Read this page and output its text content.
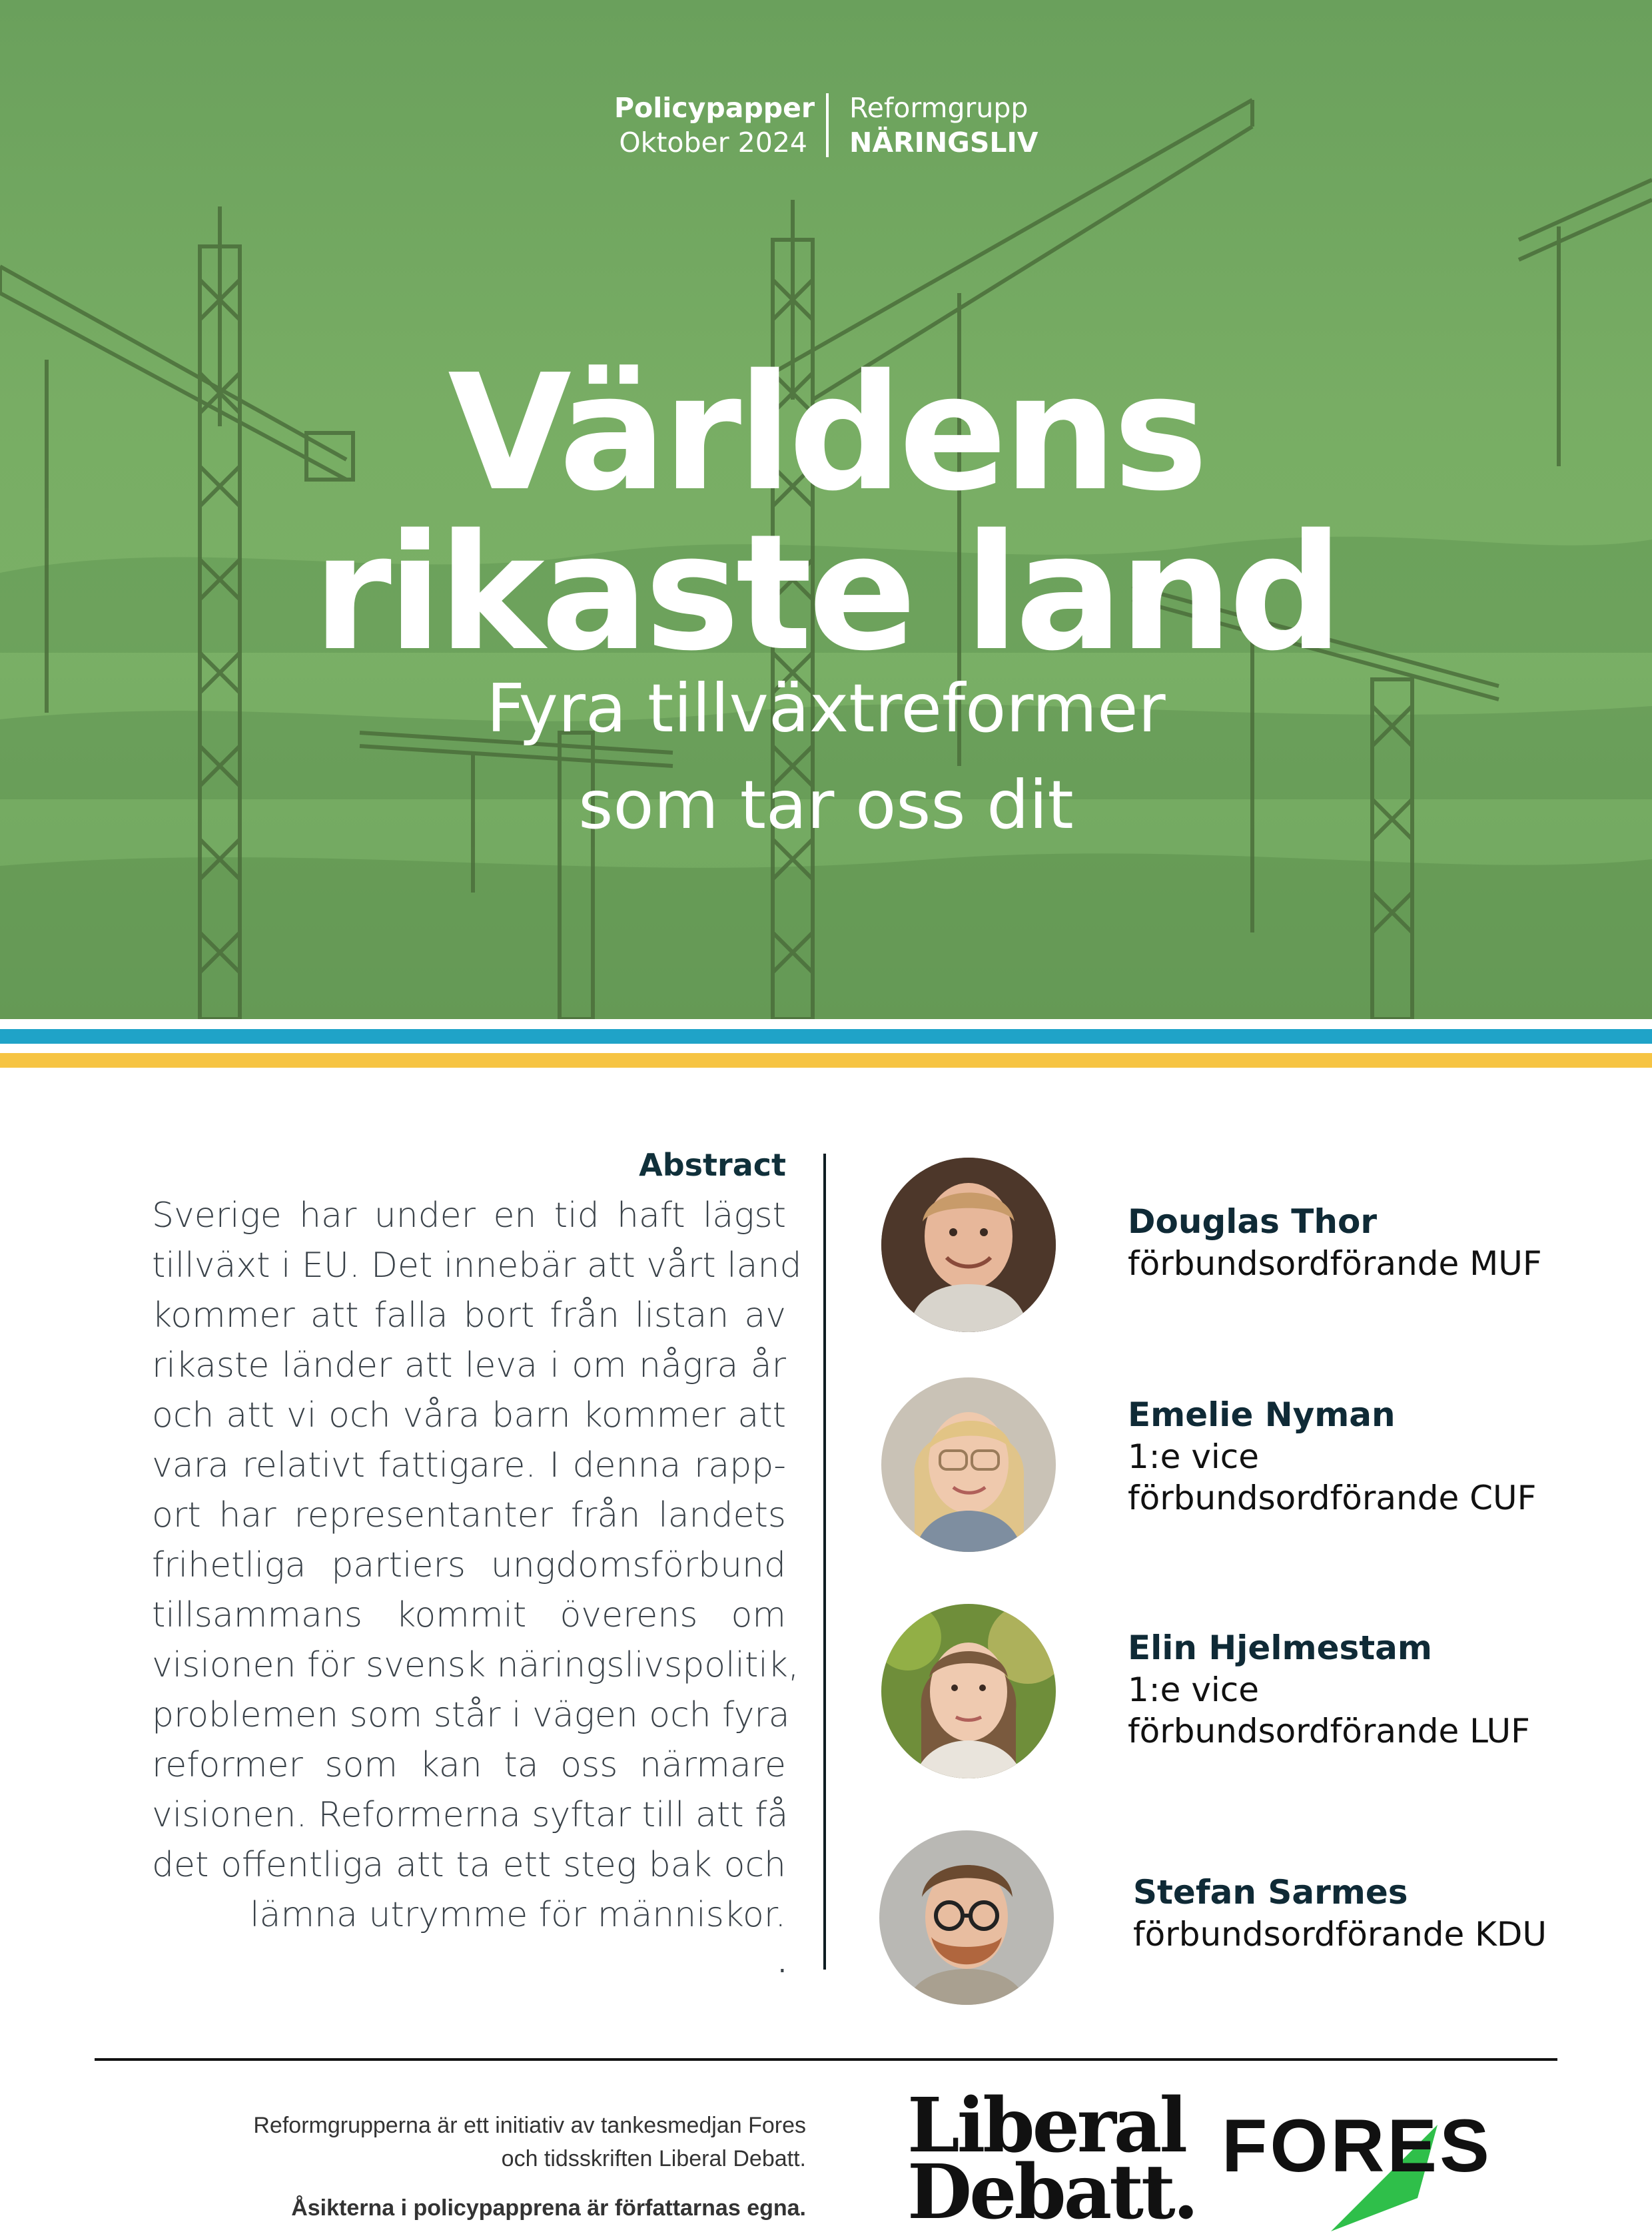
Policypapper
Oktober 2024
Reformgrupp
NÄRINGSLIV
Världens
rikaste land
Fyra tillväxtreformer
som tar oss dit
Abstract
Sverige har under en tid haft lägst
tillväxt i EU. Det innebär att vårt land
kommer att falla bort från listan av
rikaste länder att leva i om några år
och att vi och våra barn kommer att
vara relativt fattigare. I denna rapp-
ort har representanter från landets
frihetliga partiers ungdomsförbund
tillsammans kommit överens om
visionen för svensk näringslivspolitik,
problemen som står i vägen och fyra
reformer som kan ta oss närmare
visionen. Reformerna syftar till att få
det offentliga att ta ett steg bak och
lämna utrymme för människor.
.
Douglas Thor
förbundsordförande MUF
Emelie Nyman
1:e vice
förbundsordförande CUF
Elin Hjelmestam
1:e vice
förbundsordförande LUF
Stefan Sarmes
förbundsordförande KDU
Reformgrupperna är ett initiativ av tankesmedjan Fores
och tidsskriften Liberal Debatt.
Åsikterna i policypapprena är författarnas egna.
Liberal
Debatt.
FORES
